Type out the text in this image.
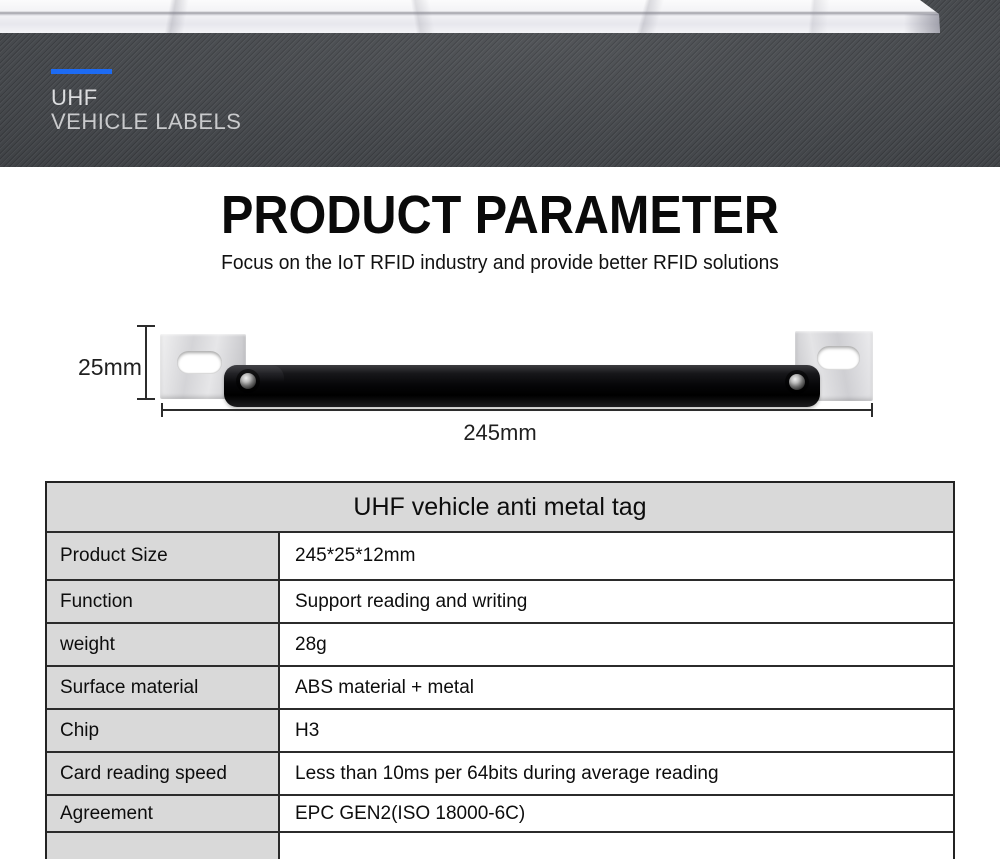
UHF
VEHICLE LABELS
PRODUCT PARAMETER
Focus on the IoT RFID industry and provide better RFID solutions
25mm
245mm
UHF vehicle anti metal tag
Product Size	245*25*12mm
Function	Support reading and writing
weight	28g
Surface material	ABS material + metal
Chip	H3
Card reading speed	Less than 10ms per 64bits during average reading
Agreement	EPC GEN2(ISO 18000-6C)
